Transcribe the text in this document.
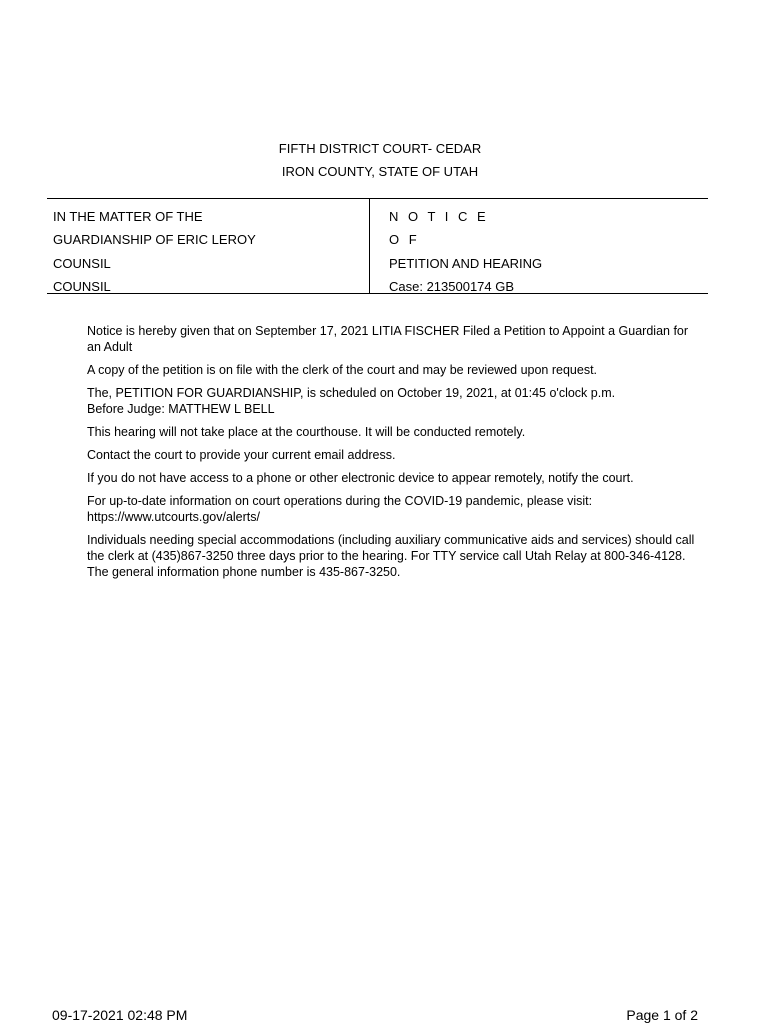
FIFTH DISTRICT COURT- CEDAR
IRON COUNTY, STATE OF UTAH
IN THE MATTER OF THE
GUARDIANSHIP OF ERIC LEROY
COUNSIL
COUNSIL
N O T I C E
O F
PETITION AND HEARING
Case: 213500174 GB

Notice is hereby given that on September 17, 2021 LITIA FISCHER Filed a Petition to Appoint a Guardian for an Adult

A copy of the petition is on file with the clerk of the court and may be reviewed upon request.

The, PETITION FOR GUARDIANSHIP, is scheduled on October 19, 2021, at 01:45 o'clock p.m.
Before Judge: MATTHEW L BELL

This hearing will not take place at the courthouse. It will be conducted remotely.

Contact the court to provide your current email address.

If you do not have access to a phone or other electronic device to appear remotely, notify the court.

For up-to-date information on court operations during the COVID-19 pandemic, please visit:
https://www.utcourts.gov/alerts/

Individuals needing special accommodations (including auxiliary communicative aids and services) should call the clerk at (435)867-3250 three days prior to the hearing. For TTY service call Utah Relay at 800-346-4128. The general information phone number is 435-867-3250.

09-17-2021 02:48 PM	Page 1 of 2
